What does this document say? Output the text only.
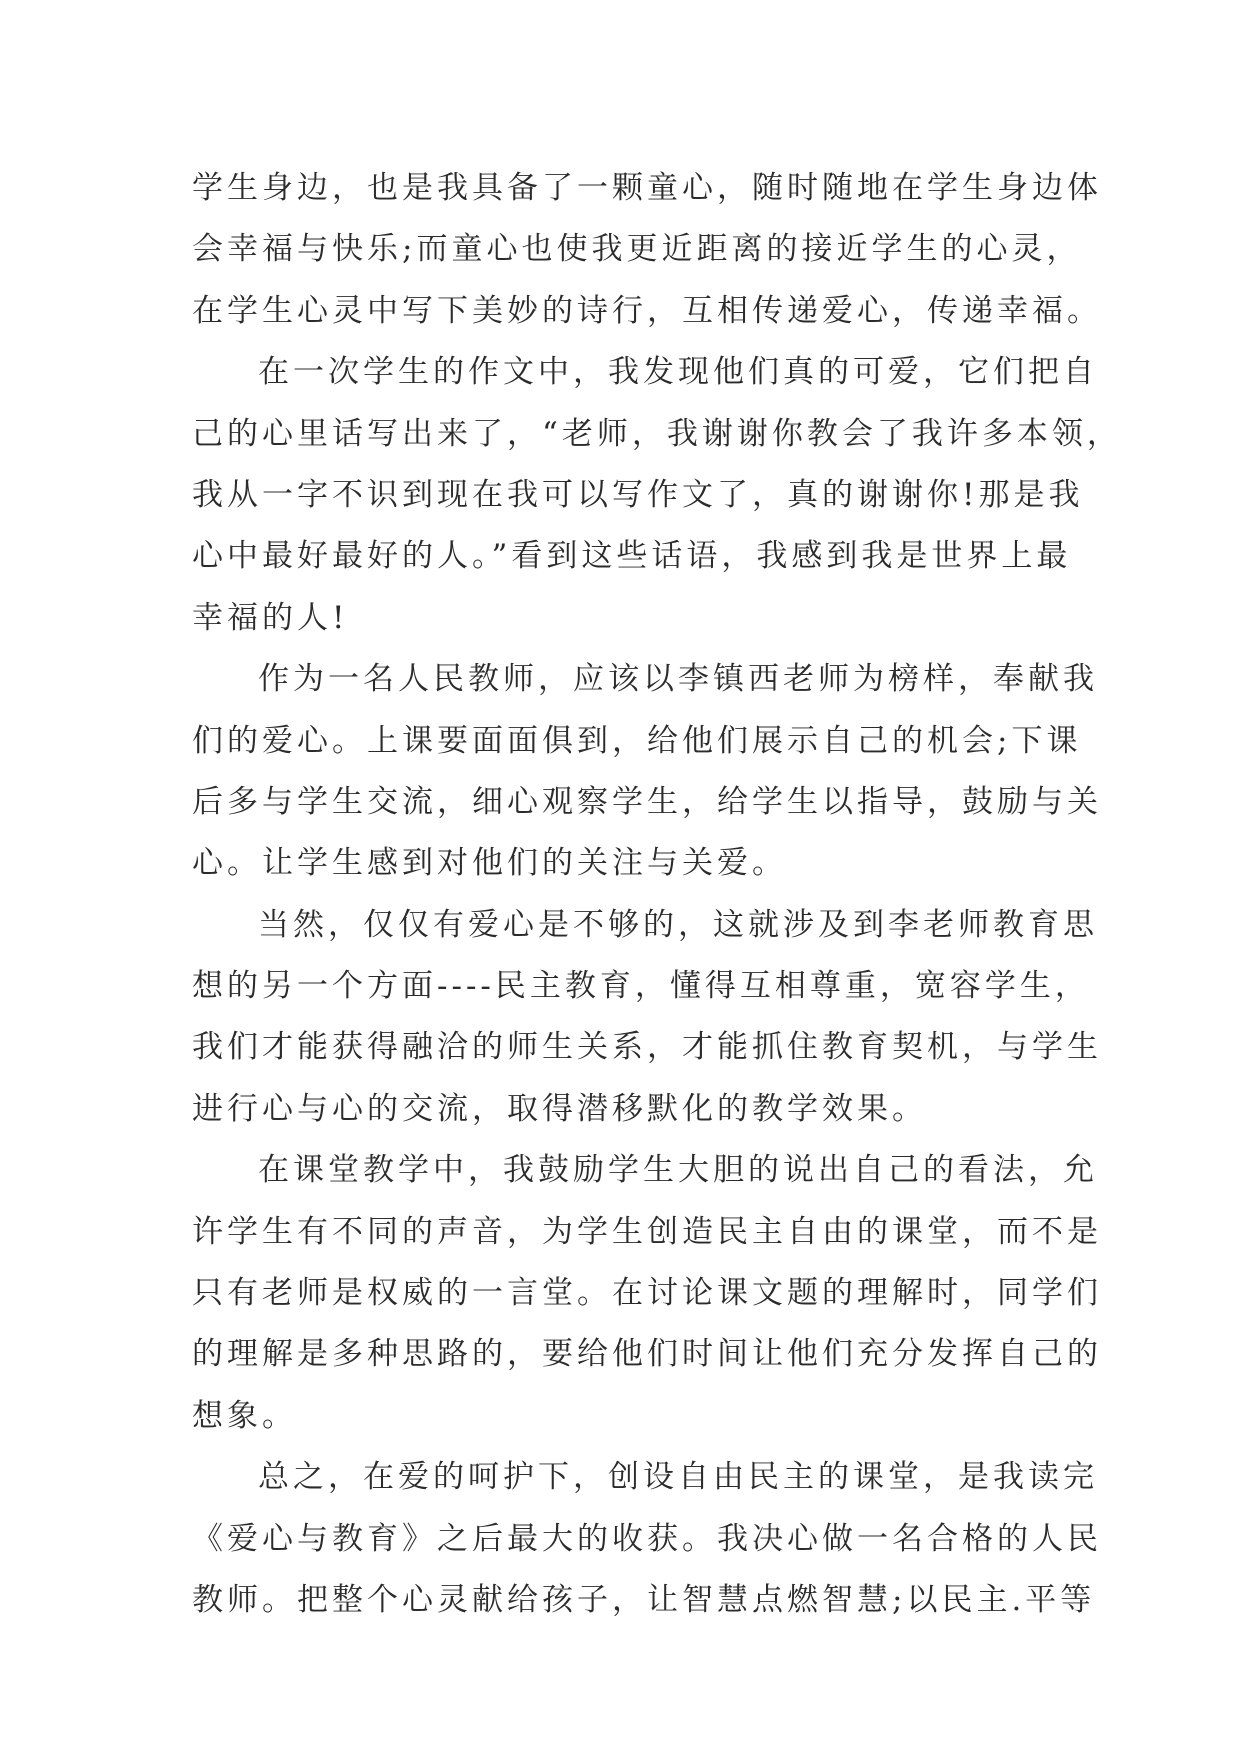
学生身边，也是我具备了一颗童心，随时随地在学生身边体
会幸福与快乐;而童心也使我更近距离的接近学生的心灵，
在学生心灵中写下美妙的诗行，互相传递爱心，传递幸福。

在一次学生的作文中，我发现他们真的可爱，它们把自
己的心里话写出来了，“老师，我谢谢你教会了我许多本领，
我从一字不识到现在我可以写作文了，真的谢谢你!那是我
心中最好最好的人。”看到这些话语，我感到我是世界上最
幸福的人!

作为一名人民教师，应该以李镇西老师为榜样，奉献我
们的爱心。上课要面面俱到，给他们展示自己的机会;下课
后多与学生交流，细心观察学生，给学生以指导，鼓励与关
心。让学生感到对他们的关注与关爱。

当然，仅仅有爱心是不够的，这就涉及到李老师教育思
想的另一个方面----民主教育，懂得互相尊重，宽容学生，
我们才能获得融洽的师生关系，才能抓住教育契机，与学生
进行心与心的交流，取得潜移默化的教学效果。

在课堂教学中，我鼓励学生大胆的说出自己的看法，允
许学生有不同的声音，为学生创造民主自由的课堂，而不是
只有老师是权威的一言堂。在讨论课文题的理解时，同学们
的理解是多种思路的，要给他们时间让他们充分发挥自己的
想象。

总之，在爱的呵护下，创设自由民主的课堂，是我读完
《爱心与教育》之后最大的收获。我决心做一名合格的人民
教师。把整个心灵献给孩子，让智慧点燃智慧;以民主.平等
